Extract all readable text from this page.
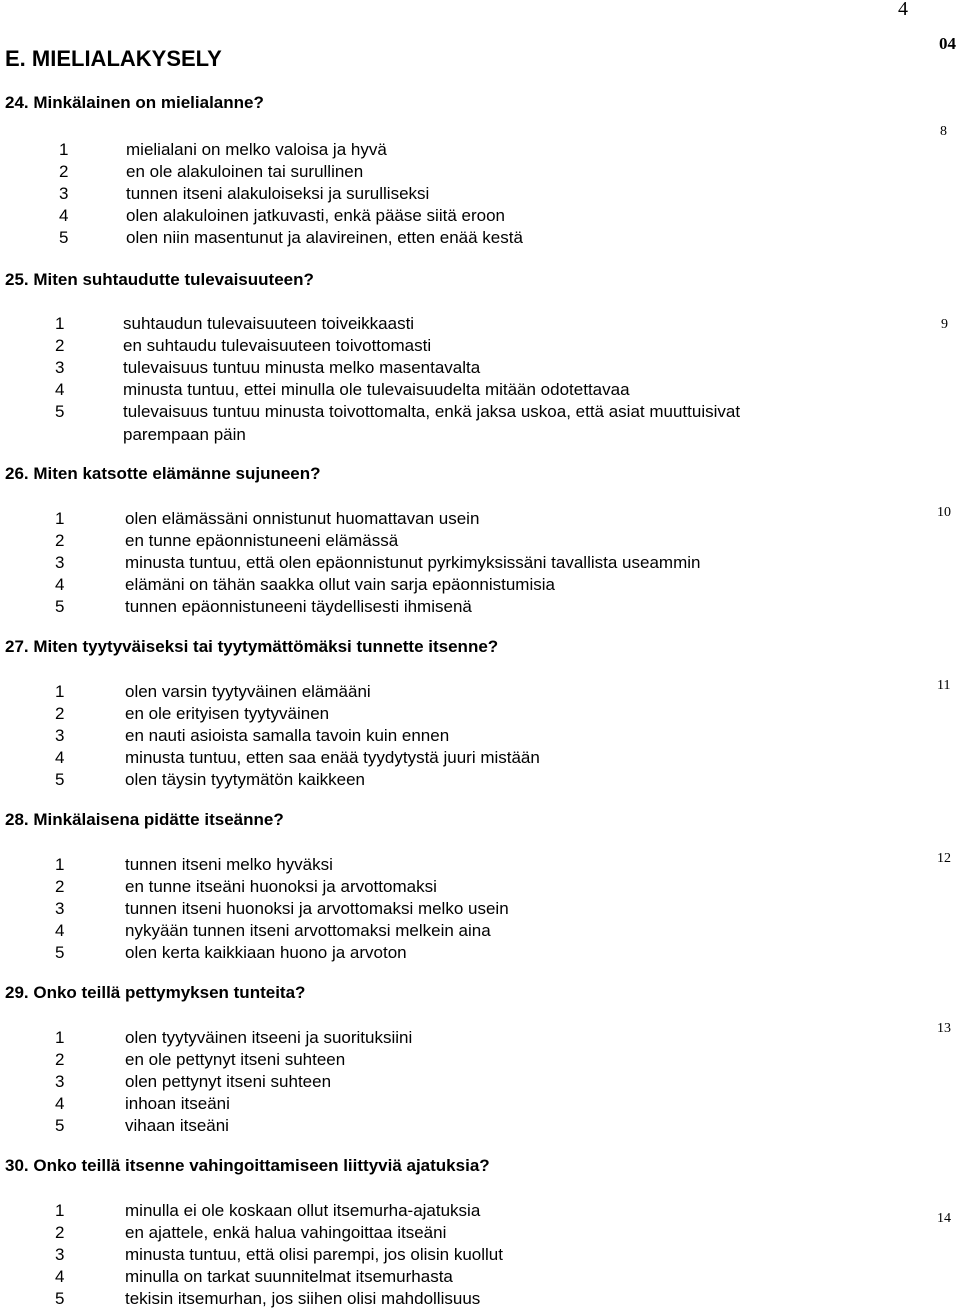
4
04
E. MIELIALAKYSELY
24. Minkälainen on mielialanne?
8
1	mielialani on melko valoisa ja hyvä
2	en ole alakuloinen tai surullinen
3	tunnen itseni alakuloiseksi ja surulliseksi
4	olen alakuloinen jatkuvasti, enkä pääse siitä eroon
5	olen niin masentunut ja alavireinen, etten enää kestä
25. Miten suhtaudutte tulevaisuuteen?
9
1	suhtaudun tulevaisuuteen toiveikkaasti
2	en suhtaudu tulevaisuuteen toivottomasti
3	tulevaisuus tuntuu minusta melko masentavalta
4	minusta tuntuu, ettei minulla ole tulevaisuudelta mitään odotettavaa
5	tulevaisuus tuntuu minusta toivottomalta, enkä jaksa uskoa, että asiat muuttuisivat
parempaan päin
26. Miten katsotte elämänne sujuneen?
10
1	olen elämässäni onnistunut huomattavan usein
2	en tunne epäonnistuneeni elämässä
3	minusta tuntuu, että olen epäonnistunut pyrkimyksissäni tavallista useammin
4	elämäni on tähän saakka ollut vain sarja epäonnistumisia
5	tunnen epäonnistuneeni täydellisesti ihmisenä
27. Miten tyytyväiseksi tai tyytymättömäksi tunnette itsenne?
11
1	olen varsin tyytyväinen elämääni
2	en ole erityisen tyytyväinen
3	en nauti asioista samalla tavoin kuin ennen
4	minusta tuntuu, etten saa enää tyydytystä juuri mistään
5	olen täysin tyytymätön kaikkeen
28. Minkälaisena pidätte itseänne?
12
1	tunnen itseni melko hyväksi
2	en tunne itseäni huonoksi ja arvottomaksi
3	tunnen itseni huonoksi ja arvottomaksi melko usein
4	nykyään tunnen itseni arvottomaksi melkein aina
5	olen kerta kaikkiaan huono ja arvoton
29. Onko teillä pettymyksen tunteita?
13
1	olen tyytyväinen itseeni ja suorituksiini
2	en ole pettynyt itseni suhteen
3	olen pettynyt itseni suhteen
4	inhoan itseäni
5	vihaan itseäni
30. Onko teillä itsenne vahingoittamiseen liittyviä ajatuksia?
14
1	minulla ei ole koskaan ollut itsemurha-ajatuksia
2	en ajattele, enkä halua vahingoittaa itseäni
3	minusta tuntuu, että olisi parempi, jos olisin kuollut
4	minulla on tarkat suunnitelmat itsemurhasta
5	tekisin itsemurhan, jos siihen olisi mahdollisuus
